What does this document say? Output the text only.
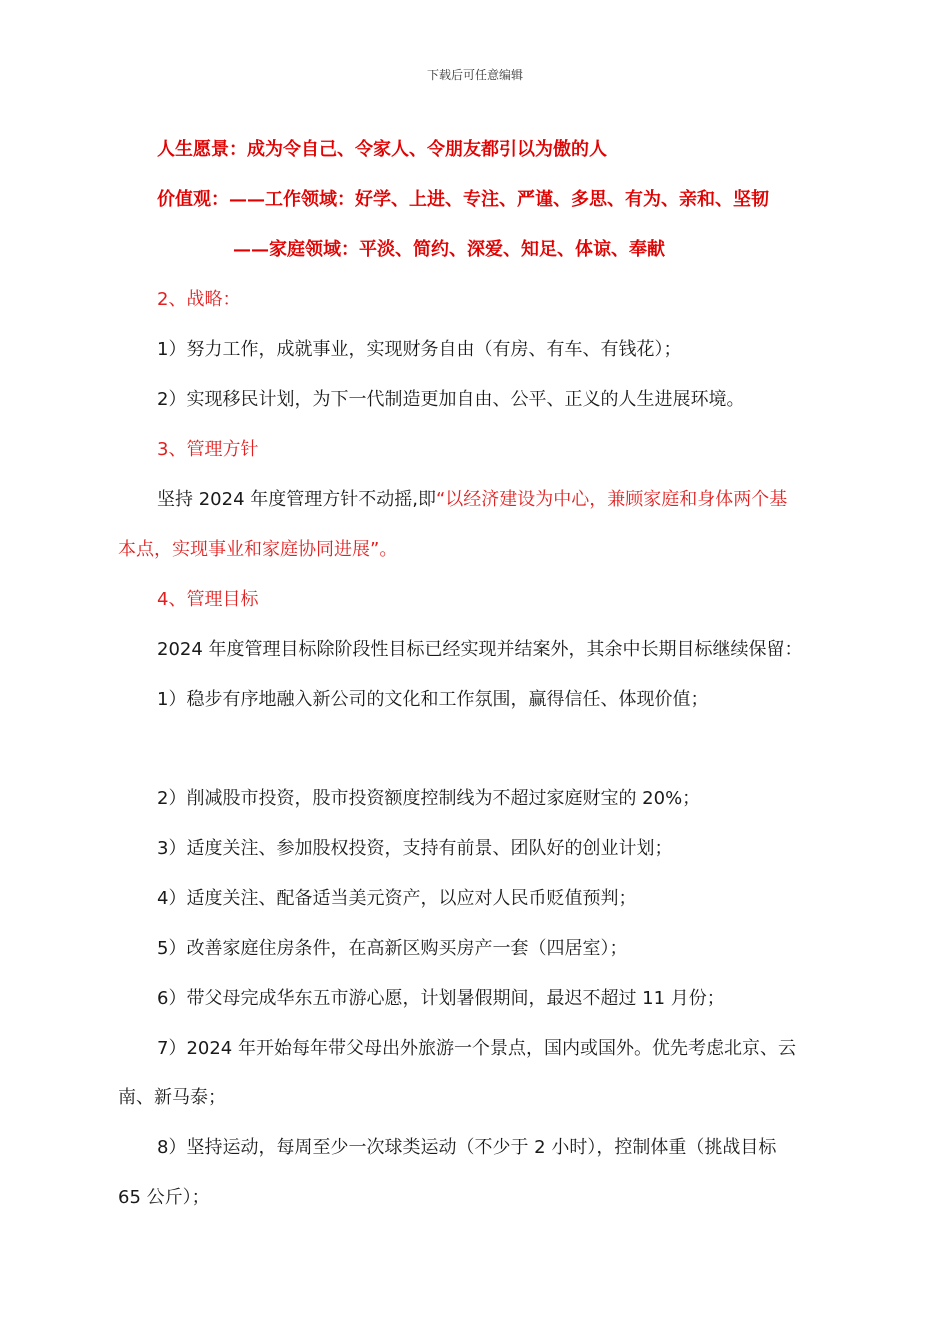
下载后可任意编辑
人生愿景：成为令自己、令家人、令朋友都引以为傲的人
价值观：——工作领域：好学、上进、专注、严谨、多思、有为、亲和、坚韧
——家庭领域：平淡、简约、深爱、知足、体谅、奉献
2、战略：
1）努力工作，成就事业，实现财务自由（有房、有车、有钱花）；
2）实现移民计划，为下一代制造更加自由、公平、正义的人生进展环境。
3、管理方针
坚持 2024 年度管理方针不动摇,即“以经济建设为中心，兼顾家庭和身体两个基
本点，实现事业和家庭协同进展”。
4、管理目标
2024 年度管理目标除阶段性目标已经实现并结案外，其余中长期目标继续保留：
1）稳步有序地融入新公司的文化和工作氛围，赢得信任、体现价值；
2）削减股市投资，股市投资额度控制线为不超过家庭财宝的 20%；
3）适度关注、参加股权投资，支持有前景、团队好的创业计划；
4）适度关注、配备适当美元资产，以应对人民币贬值预判；
5）改善家庭住房条件，在高新区购买房产一套（四居室）；
6）带父母完成华东五市游心愿，计划暑假期间，最迟不超过 11 月份；
7）2024 年开始每年带父母出外旅游一个景点，国内或国外。优先考虑北京、云
南、新马泰；
8）坚持运动，每周至少一次球类运动（不少于 2 小时），控制体重（挑战目标
65 公斤）；
